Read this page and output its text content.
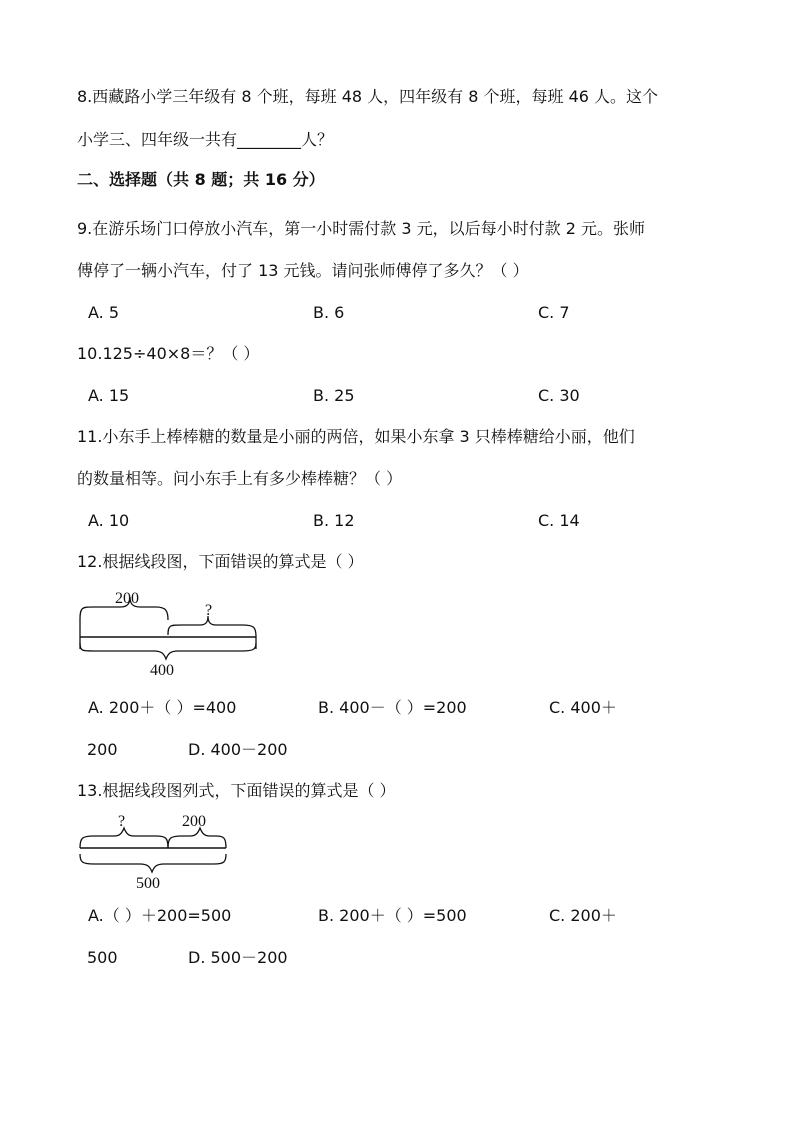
8.西藏路小学三年级有 8 个班，每班 48 人，四年级有 8 个班，每班 46 人。这个
小学三、四年级一共有________人？
二、选择题（共 8 题；共 16 分）
9.在游乐场门口停放小汽车，第一小时需付款 3 元，以后每小时付款 2 元。张师
傅停了一辆小汽车，付了 13 元钱。请问张师傅停了多久？（ ）
A. 5	B. 6	C. 7
10.125÷40×8＝？（ ）
A. 15	B. 25	C. 30
11.小东手上棒棒糖的数量是小丽的两倍，如果小东拿 3 只棒棒糖给小丽，他们
的数量相等。问小东手上有多少棒棒糖？（ ）
A. 10	B. 12	C. 14
12.根据线段图，下面错误的算式是（ ）
200
?
400
A. 200＋（ ）=400	B. 400－（ ）=200	C. 400＋
200	D. 400－200
13.根据线段图列式，下面错误的算式是（ ）
?	200
500
A.（ ）＋200=500	B. 200＋（ ）=500	C. 200＋
500	D. 500－200
